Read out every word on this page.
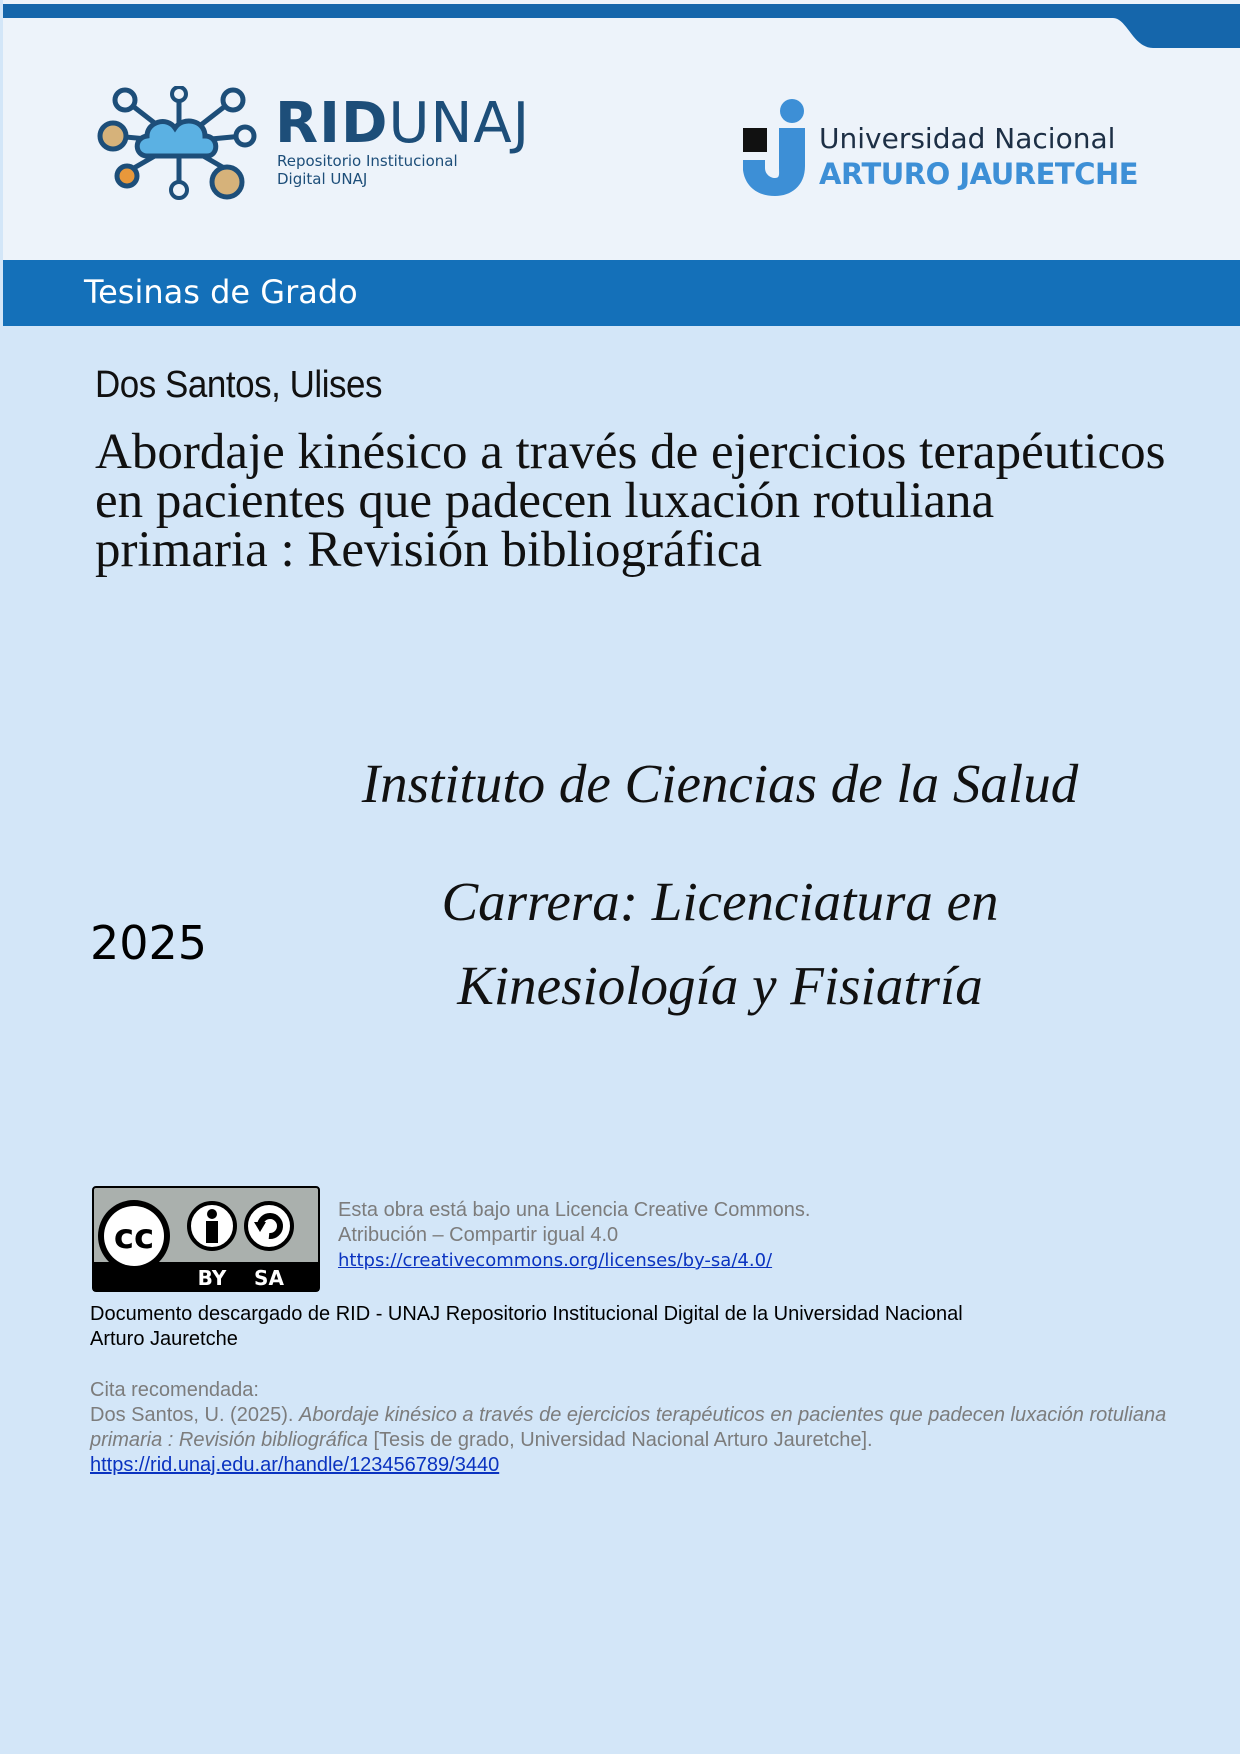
RIDUNAJ
Repositorio Institucional
Digital UNAJ
Universidad Nacional
ARTURO JAURETCHE
Tesinas de Grado
Dos Santos, Ulises
Abordaje kinésico a través de ejercicios terapéuticos en pacientes que padecen luxación rotuliana primaria : Revisión bibliográfica
Instituto de Ciencias de la Salud
Carrera: Licenciatura en Kinesiología y Fisiatría
2025
cc
BY SA
Esta obra está bajo una Licencia Creative Commons.
Atribución – Compartir igual 4.0
https://creativecommons.org/licenses/by-sa/4.0/
Documento descargado de RID - UNAJ Repositorio Institucional Digital de la Universidad Nacional Arturo Jauretche
Cita recomendada:
Dos Santos, U. (2025). Abordaje kinésico a través de ejercicios terapéuticos en pacientes que padecen luxación rotuliana primaria : Revisión bibliográfica [Tesis de grado, Universidad Nacional Arturo Jauretche].
https://rid.unaj.edu.ar/handle/123456789/3440
